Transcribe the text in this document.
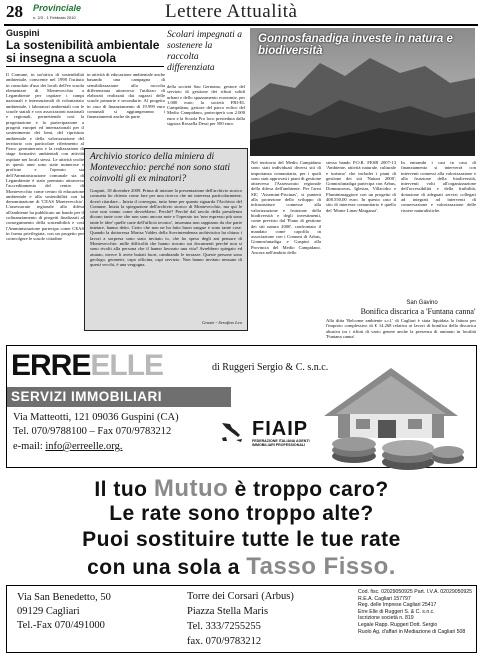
28 Provinciale
n. 2/3 - 1 Febbraio 2010	Lettere Attualità
Guspini
La sostenibilità ambientale si insegna a scuola
Il Comune, in un'ottica di sostenibilità ambientale, conscente nel 1998 l'istituto in consolato d'uso dei locali dell'ex scuola elementare di Montevecchio a Legambiente per ospitare i campi nazionali e internazionali di volontariato ambientale, i laboratori ambientali con le scuole statali e con associazioni nazionali e regionali, permettendo così la progettazione e la partecipazione a progetti europei ed internazionali per il sostenimento dei beni, del ripristino ambientale e della valorizzazione del territorio con particolare riferimento al Parco geominerario e la realizzazione di stage formativi ambientali con attività ospitate nei locali stessi. Le attività svolte in questi anni sono state numerose e proficue e l'operato sia dell'Amministrazione comunale sia di Legambiente è stato premiato attraverso l'accreditamento del centro di Montevecchio come centro di educazione ambientale e alla sostenibilità con la denominazione di 'CEAS Montevecchio'. L'assessorato regionale alla difesa all'ambiente ha pubblicato un bando per il cofinanziamento di progetti finalizzati al conseguimento della sostenibilità e così l'Amministrazione partecipa come CEAS in forma privilegiata, con un progetto per coinvolgere le scuole cittadine
in attività di educazione ambientale anche basando una campagna di sensibilizzazione alla raccolta differenziata attraverso l'utilizzo di elaborati realizzati dai ragazzi delle scuole primarie e secondarie. Al progetto in caso di finanziamento di 19.999 euro comunali si aggiungeranno i finanziamenti anche da parte
Scolari impegnati a sostenere la raccolta differenziata
della società Sau Germano, gestore del servizio di gestione dei rifiuti solidi urbani e dello spazzamento economie, per 1.000 euro; la società FRI-EL Campidano, gestore del parco eolico del Medio Campidano, parteciperà con 2.000 euro e la Scuola Pro loco presieduta dalla signora Rossella Dessì per 500 euro.
Gonnosfanadiga investe in natura e biodiversità
Nel territorio del Medio Campidano sono stati individuati diversi siti di importanza comunitaria, per i quali sono stati approvati i piani di gestione attraverso l'Assessorato regionale della difesa dell'ambiente. Per l'area SIC 'Assemini-Piscinas', si punterà alla protezione dello sviluppo di infrastrutture connesse alla valorizzazione e fruizione della biodiversità e degli investimenti, come previsto dal 'Piano di gestione dei siti natura 2000', confrontato il mandato come capofila in associazione con i Comuni di Arbus, Gonnosfanadiga e Guspini alla Provincia del Medio Campidano. Ancora nell'ambito dello
stesso bando P.O.R. FESR 2007-13 'Ambiente, attività naturale, culturale e turismo' che includei i piani di gestione dei siti 'Natura 2000', Gonnosfanadiga partecipa con Arbus, Domusnovas, Iglesias, Villacidro e Fluminimaggiore con un progetto di 408.550,00 euro. In questo caso il sito di interesse comunitario è quello del 'Monte Linas-Marganai'.
In entrambi i casi in caso di finanziamento si interverrà con interventi connessi alla valorizzazione e alla fruizione della biodiversità, interventi volti all'organizzazione dell'accessibilità e della fruibilità, dotazione di adeguati servizi collegati ad integrati ad interventi di conservazione e valorizzazione delle risorse naturalistiche.
Archivio storico della miniera di Montevecchio: perché non sono stati coinvolti gli ex minatori?
Guspini, 18 dicembre 2009. Prima di iniziare la presentazione dell'archivio storico consueta ho chiesto come fare per una ricerca che mi interessa particolarmente, dovrò ritardare... Inizia il convegno, tutto bene per quanto riguarda l'Archivio del Comune. Inizia la spiegazione dell'archivio storico di Montevecchio, ma qui le cose non vanno come dovrebbero. Perché? Perché dal tavolo della presidenza dicono tante cose che non sono ancora note e l'operato tra 'non espresso più sono tante le idee' quelle carte dell'ufficio tecnico', insomma non sappiamo da che parte iniziare, hanno detto. Certo che non ne ha fatto buon sangue e sono tante cose. Quando la dottoressa Marisa Valdes della Sovrintendenza archivistica ha chiuso i lavori a sorpresa sono stato invitato io, che ho speso degli ani pensare di Montevecchio: mille difficoltà che hanno trovato sui documenti perché non si sono rivolti alla persona che il hanno lavorato una vita? Avrebbero spiegato ed aiutato, invece li avete buttati fuori, cambiando le terrazze. Queste persone sono geologo, geometri, capo officina, capi servizio. Non hanno invitato nessuno di questi vecchi, è una vergogna.
Grazie - Serafino Leo
San Gavino
Bonifica discarica a 'Funtana canna'
Alla ditta 'Relcome ambiente s.r.l.' di Cagliari è stata liquidata la fattura per l'importo complessivo di € 14.268 relativa ai lavori di bonifica della discarica abusiva tra i rifiuti di vario genere anche la presenza di amianto in località 'Funtana canna'.
ERREELLE	di Ruggeri Sergio & C. s.n.c.
SERVIZI IMMOBILIARI
Via Matteotti, 121 09036 Guspini (CA)
Tel. 070/9788100 – Fax 070/9783212
e-mail: info@erreelle.org.
FIAIP
FEDERAZIONE ITALIANA AGENTI IMMOBILIARI PROFESSIONALI
Il tuo Mutuo è troppo caro?
Le rate sono troppo alte?
Puoi sostituire tutte le tue rate
con una sola a Tasso Fisso.
Via San Benedetto, 50
09129 Cagliari
Tel.-Fax 070/491000
Torre dei Corsari (Arbus)
Piazza Stella Maris
Tel. 333/7255255
fax. 070/9783212
Cod. fisc. 02029050925 Part. I.V.A. 02029050925
R.E.A. Cagliari 157797
Reg. delle Imprese Cagliari 25417
Erre Elle di Ruggeri S. & C. s.n.c.
Iscrizione società n. 819
Legale Rapp. Ruggeri Dott. Sergio
Ruolo Ag. d'affari in Mediazione di Cagliari 508
